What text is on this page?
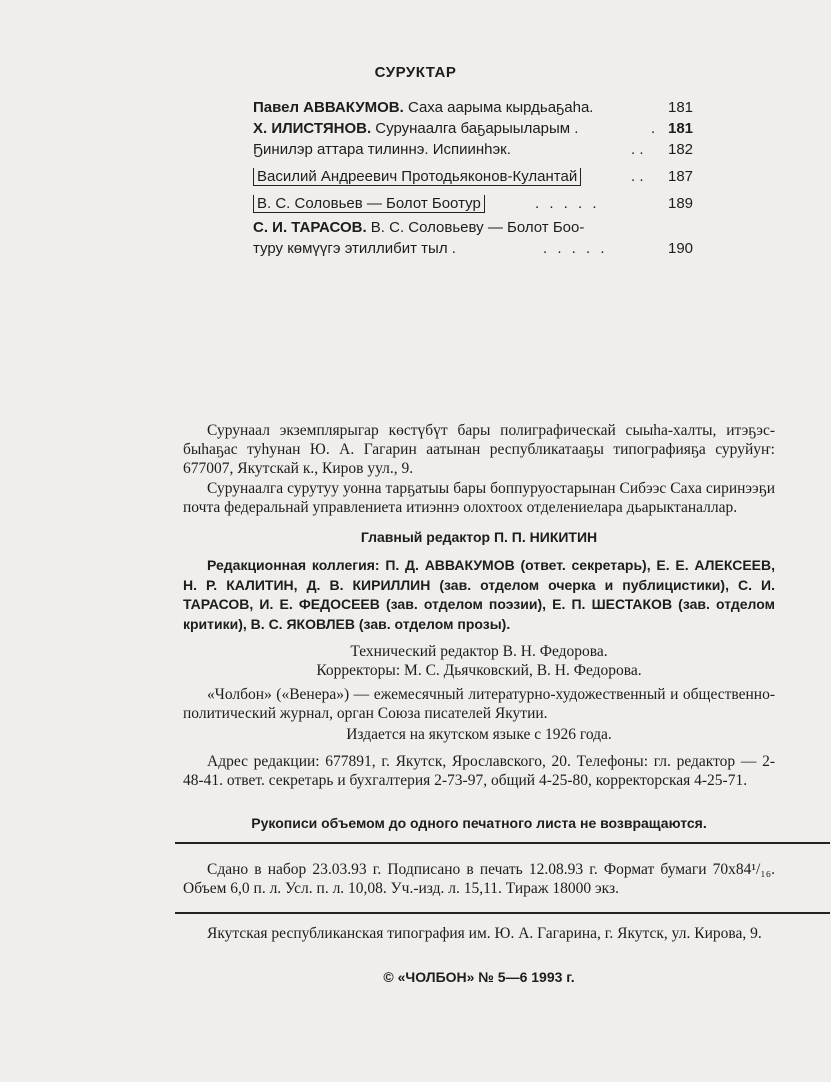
СУРУКТАР
Павел АВВАКУМОВ. Саха аарыма кырдьаҕаһа.	181
Х. ИЛИСТЯНОВ. Сурунаалга баҕарыыларым .	. 181
Ҕинилэр аттара тилиннэ. Испиинһэк.	. . 182
Василий Андреевич Протодьяконов-Кулантай	. . 187
В. С. Соловьев — Болот Боотур	. . . . .	189
С. И. ТАРАСОВ. В. С. Соловьеву — Болот Боо-
туру көмүүгэ этиллибит тыл .	. . . . .	190
Сурунаал экземплярыгар көстүбүт бары полиграфическай сыыһа-халты, итэҕэс-быһаҕас туһунан Ю. А. Гагарин аатынан республикатааҕы типографияҕа суруйуҥ: 677007, Якутскай к., Киров уул., 9.
Сурунаалга сурутуу уонна тарҕатыы бары боппуруостарынан Сибээс Саха сиринээҕи почта федеральнай управлениета итиэннэ олохтоох отделениелара дьарыктаналлар.
Главный редактор П. П. НИКИТИН
Редакционная коллегия: П. Д. АВВАКУМОВ (ответ. секретарь), Е. Е. АЛЕКСЕЕВ, Н. Р. КАЛИТИН, Д. В. КИРИЛЛИН (зав. отделом очерка и публицистики), С. И. ТАРАСОВ, И. Е. ФЕДОСЕЕВ (зав. отделом поэзии), Е. П. ШЕСТАКОВ (зав. отделом критики), В. С. ЯКОВЛЕВ (зав. отделом прозы).
Технический редактор В. Н. Федорова.
Корректоры: М. С. Дьячковский, В. Н. Федорова.
«Чолбон» («Венера») — ежемесячный литературно-художественный и общественно-политический журнал, орган Союза писателей Якутии.
Издается на якутском языке с 1926 года.
Адрес редакции: 677891, г. Якутск, Ярославского, 20. Телефоны: гл. редактор — 2-48-41. ответ. секретарь и бухгалтерия 2-73-97, общий 4-25-80, корректорская 4-25-71.
Рукописи объемом до одного печатного листа не возвращаются.
Сдано в набор 23.03.93 г. Подписано в печать 12.08.93 г. Формат бумаги 70x84¹/₁₆. Объем 6,0 п. л. Усл. п. л. 10,08. Уч.-изд. л. 15,11. Тираж 18000 экз.
Якутская республиканская типография им. Ю. А. Гагарина, г. Якутск, ул. Кирова, 9.
© «ЧОЛБОН» № 5—6 1993 г.
